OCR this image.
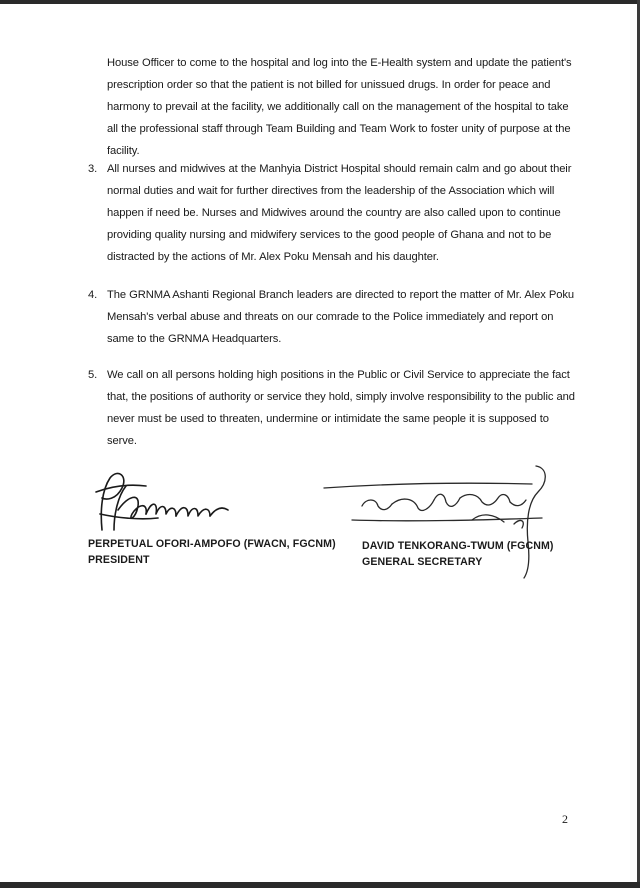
House Officer to come to the hospital and log into the E-Health system and update the patient's prescription order so that the patient is not billed for unissued drugs. In order for peace and harmony to prevail at the facility, we additionally call on the management of the hospital to take all the professional staff through Team Building and Team Work to foster unity of purpose at the facility.
3. All nurses and midwives at the Manhyia District Hospital should remain calm and go about their normal duties and wait for further directives from the leadership of the Association which will happen if need be. Nurses and Midwives around the country are also called upon to continue providing quality nursing and midwifery services to the good people of Ghana and not to be distracted by the actions of Mr. Alex Poku Mensah and his daughter.
4. The GRNMA Ashanti Regional Branch leaders are directed to report the matter of Mr. Alex Poku Mensah's verbal abuse and threats on our comrade to the Police immediately and report on same to the GRNMA Headquarters.
5. We call on all persons holding high positions in the Public or Civil Service to appreciate the fact that, the positions of authority or service they hold, simply involve responsibility to the public and never must be used to threaten, undermine or intimidate the same people it is supposed to serve.
PERPETUAL OFORI-AMPOFO (FWACN, FGCNM)
PRESIDENT
DAVID TENKORANG-TWUM (FGCNM)
GENERAL SECRETARY
2
